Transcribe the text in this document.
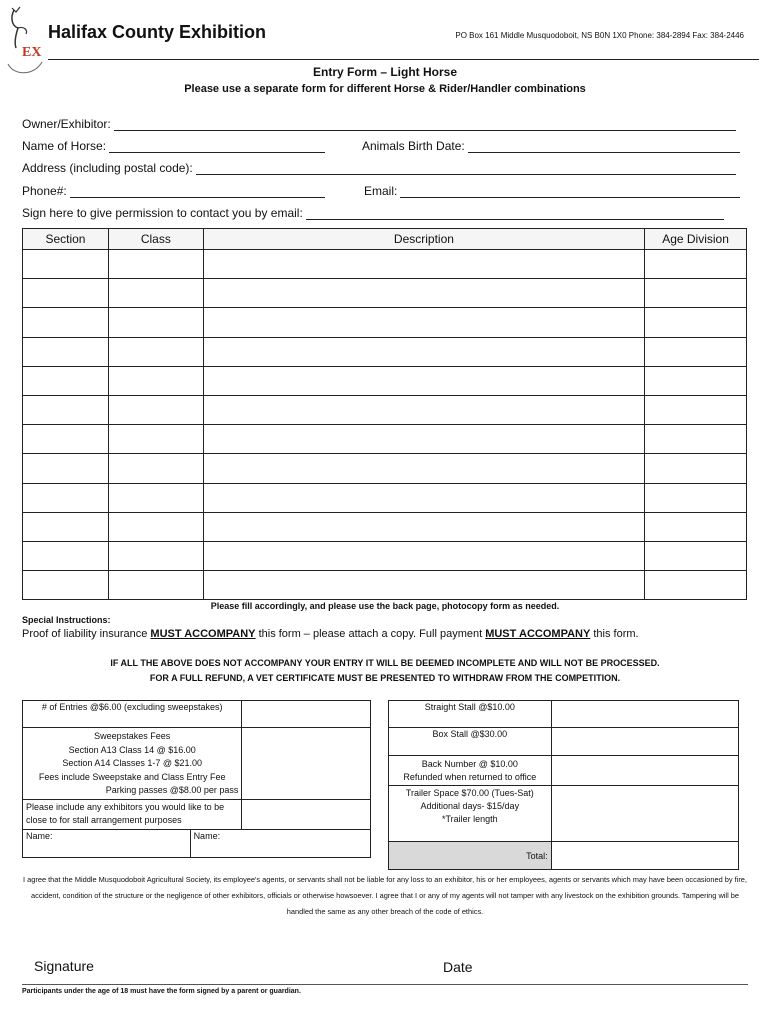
EX
Halifax County Exhibition	PO Box 161 Middle Musquodoboit, NS B0N 1X0 Phone: 384-2894 Fax: 384-2446
Entry Form – Light Horse
Please use a separate form for different Horse & Rider/Handler combinations
Owner/Exhibitor:
Name of Horse:	Animals Birth Date:
Address (including postal code):
Phone#:	Email:
Sign here to give permission to contact you by email:
Section	Class	Description	Age Division

Please fill accordingly, and please use the back page, photocopy form as needed.
Special Instructions:
Proof of liability insurance MUST ACCOMPANY this form – please attach a copy. Full payment MUST ACCOMPANY this form.
IF ALL THE ABOVE DOES NOT ACCOMPANY YOUR ENTRY IT WILL BE DEEMED INCOMPLETE AND WILL NOT BE PROCESSED.
FOR A FULL REFUND, A VET CERTIFICATE MUST BE PRESENTED TO WITHDRAW FROM THE COMPETITION.
# of Entries @$6.00 (excluding sweepstakes)		

Sweepstakes Fees
Section A13 Class 14 @ $16.00
Section A14 Classes 1-7 @ $21.00
Fees include Sweepstake and Class Entry Fee
Parking passes @$8.00 per pass		

Please include any exhibitors you would like to be close to for stall arrangement purposes		
Name:	Name:	
Straight Stall @$10.00	
Box Stall @$30.00	

Back Number @ $10.00
Refunded when returned to office	

Trailer Space $70.00 (Tues-Sat)
Additional days- $15/day
*Trailer length	

Total:	
I agree that the Middle Musquodoboit Agricultural Society, its employee's agents, or servants shall not be liable for any loss to an exhibitor, his or her employees, agents or servants which may have been occasioned by fire, accident, condition of the structure or the negligence of other exhibitors, officials or otherwise howsoever. I agree that I or any of my agents will not tamper with any livestock on the exhibition grounds. Tampering will be handled the same as any other breach of the code of ethics.
Signature	Date
Participants under the age of 18 must have the form signed by a parent or guardian.
